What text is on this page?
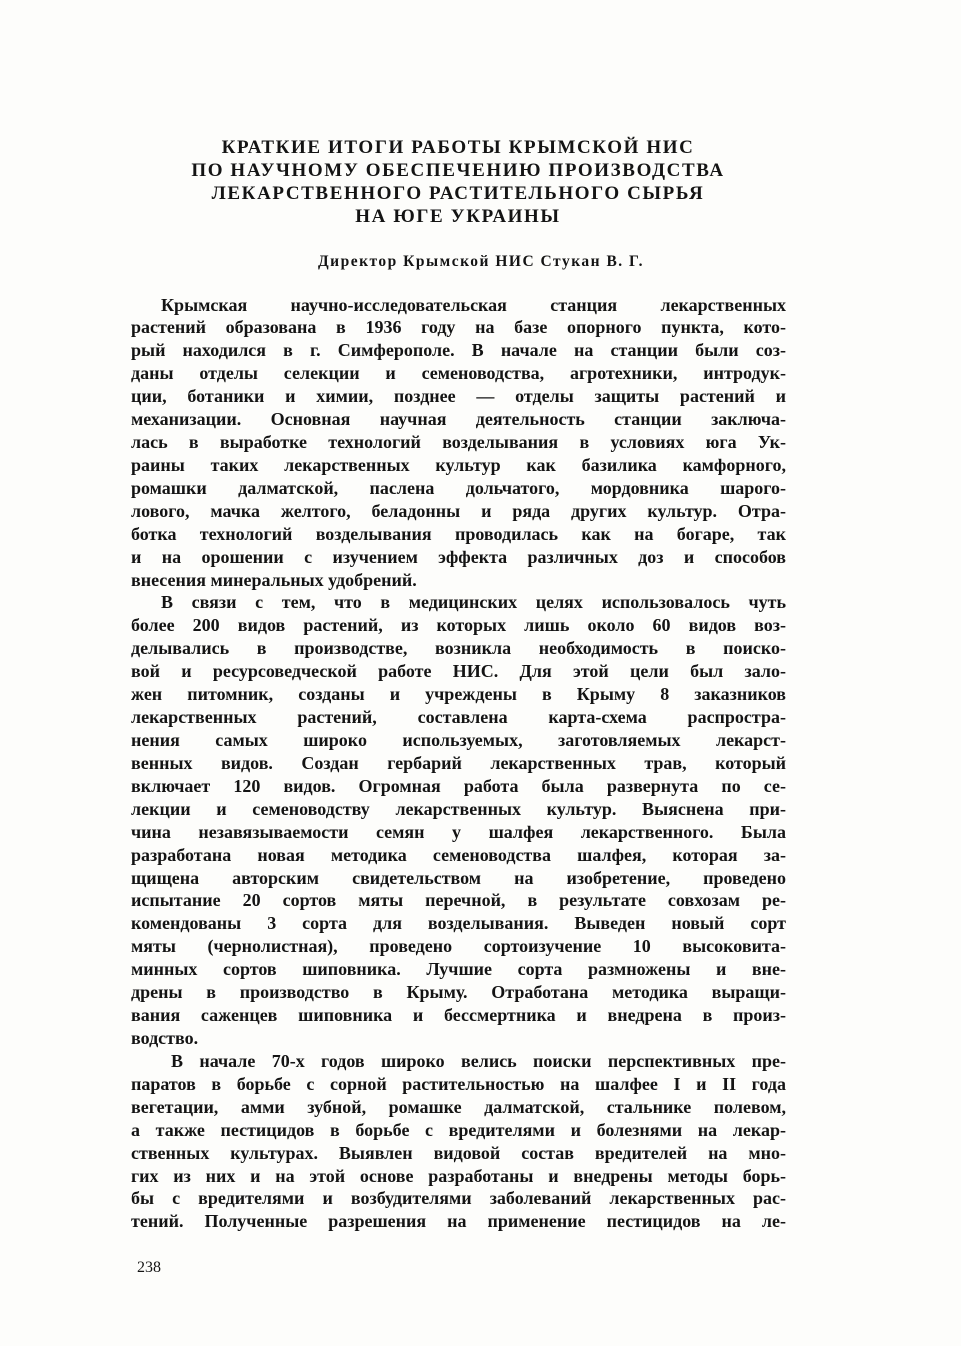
КРАТКИЕ ИТОГИ РАБОТЫ КРЫМСКОЙ НИС
ПО НАУЧНОМУ ОБЕСПЕЧЕНИЮ ПРОИЗВОДСТВА
ЛЕКАРСТВЕННОГО РАСТИТЕЛЬНОГО СЫРЬЯ
НА ЮГЕ УКРАИНЫ
Директор Крымской НИС Стукан В. Г.
Крымская научно-исследовательская станция лекарственных
растений образована в 1936 году на базе опорного пункта, кото-
рый находился в г. Симферополе. В начале на станции были соз-
даны отделы селекции и семеноводства, агротехники, интродук-
ции, ботаники и химии, позднее — отделы защиты растений и
механизации. Основная научная деятельность станции заключа-
лась в выработке технологий возделывания в условиях юга Ук-
раины таких лекарственных культур как базилика камфорного,
ромашки далматской, паслена дольчатого, мордовника шарого-
лового, мачка желтого, беладонны и ряда других культур. Отра-
ботка технологий возделывания проводилась как на богаре, так
и на орошении с изучением эффекта различных доз и способов
внесения минеральных удобрений.
В связи с тем, что в медицинских целях использовалось чуть
более 200 видов растений, из которых лишь около 60 видов воз-
делывались в производстве, возникла необходимость в поиско-
вой и ресурсоведческой работе НИС. Для этой цели был зало-
жен питомник, созданы и учреждены в Крыму 8 заказников
лекарственных растений, составлена карта-схема распростра-
нения самых широко используемых, заготовляемых лекарст-
венных видов. Создан гербарий лекарственных трав, который
включает 120 видов. Огромная работа была развернута по се-
лекции и семеноводству лекарственных культур. Выяснена при-
чина незавязываемости семян у шалфея лекарственного. Была
разработана новая методика семеноводства шалфея, которая за-
щищена авторским свидетельством на изобретение, проведено
испытание 20 сортов мяты перечной, в результате совхозам ре-
комендованы 3 сорта для возделывания. Выведен новый сорт
мяты (чернолистная), проведено сортоизучение 10 высоковита-
минных сортов шиповника. Лучшие сорта размножены и вне-
дрены в производство в Крыму. Отработана методика выращи-
вания саженцев шиповника и бессмертника и внедрена в произ-
водство.
В начале 70-х годов широко велись поиски перспективных пре-
паратов в борьбе с сорной растительностью на шалфее I и II года
вегетации, амми зубной, ромашке далматской, стальнике полевом,
а также пестицидов в борьбе с вредителями и болезнями на лекар-
ственных культурах. Выявлен видовой состав вредителей на мно-
гих из них и на этой основе разработаны и внедрены методы борь-
бы с вредителями и возбудителями заболеваний лекарственных рас-
тений. Полученные разрешения на применение пестицидов на ле-
238
